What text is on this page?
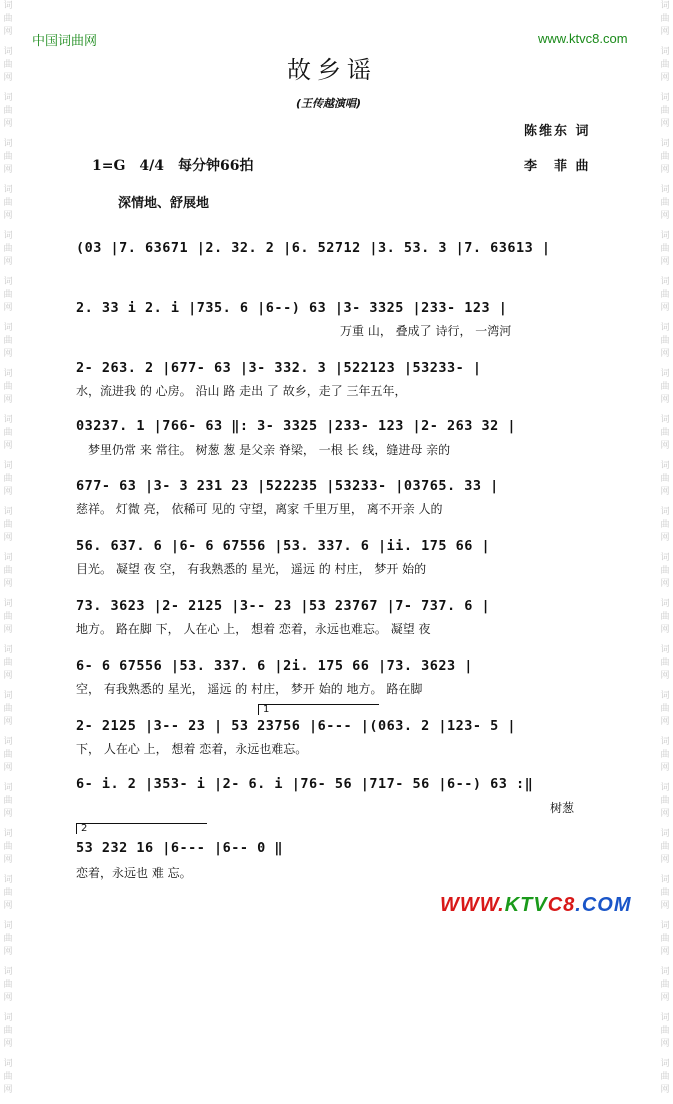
词
曲
网
词
曲
网
词
曲
网
词
曲
网
词
曲
网
词
曲
网
词
曲
网
词
曲
网
词
曲
网
词
曲
网
词
曲
网
词
曲
网
词
曲
网
词
曲
网
词
曲
网
词
曲
网
词
曲
网
词
曲
网
词
曲
网
词
曲
网
词
曲
网
词
曲
网
词
曲
网
词
曲
网
词
曲
网
词
曲
网
词
曲
网
词
曲
网
词
曲
网
词
曲
网
词
曲
网
词
曲
网
词
曲
网
词
曲
网
词
曲
网
词
曲
网
词
曲
网
词
曲
网
词
曲
网
词
曲
网
词
曲
网
词
曲
网
词
曲
网
词
曲
网
词
曲
网
词
曲
网
词
曲
网
词
曲
网
中国词曲网	www.ktvc8.com
故乡谣
(王传越演唱)
陈维东 词
李　菲 曲
1=G　4/4　每分钟66拍
深情地、舒展地
(03 |7. 63671 |2. 32. 2 |6. 52712 |3. 53. 3 |7. 63613 |
2. 33 i 2. i |735. 6 |6--) 63 |3- 3325 |233- 123 |
万重 山， 叠成了 诗行， 一湾河
2- 263. 2 |677- 63 |3- 332. 3 |522123 |53233- |
水，流进我 的 心房。 沿山 路 走出 了 故乡，走了 三年五年，
03237. 1 |766- 63 ‖: 3- 3325 |233- 123 |2- 263 32 |
梦里仍常 来 常往。 树葱 葱 是父亲 脊梁， 一根 长 线，缝进母 亲的
677- 63 |3- 3 231 23 |522235 |53233- |03765. 33 |
慈祥。 灯微 亮， 依稀可 见的 守望，离家 千里万里， 离不开亲 人的
56. 637. 6 |6- 6 67556 |53. 337. 6 |ii. 175 66 |
目光。 凝望 夜 空， 有我熟悉的 星光， 遥远 的 村庄， 梦开 始的
73. 3623 |2- 2125 |3-- 23 |53 23767 |7- 737. 6 |
地方。 路在脚 下， 人在心 上， 想着 恋着，永远也难忘。 凝望 夜
6- 6 67556 |53. 337. 6 |2i. 175 66 |73. 3623 |
空， 有我熟悉的 星光， 遥远 的 村庄， 梦开 始的 地方。 路在脚
1
2- 2125 |3-- 23 | 53 23756 |6--- |(063. 2 |123- 5 |
下， 人在心 上， 想着 恋着，永远也难忘。
6- i. 2 |353- i |2- 6. i |76- 56 |717- 56 |6--) 63 :‖
树葱
2
53 232 16 |6--- |6-- 0 ‖
恋着，永远也 难 忘。
WWW.KTVC8.COM
